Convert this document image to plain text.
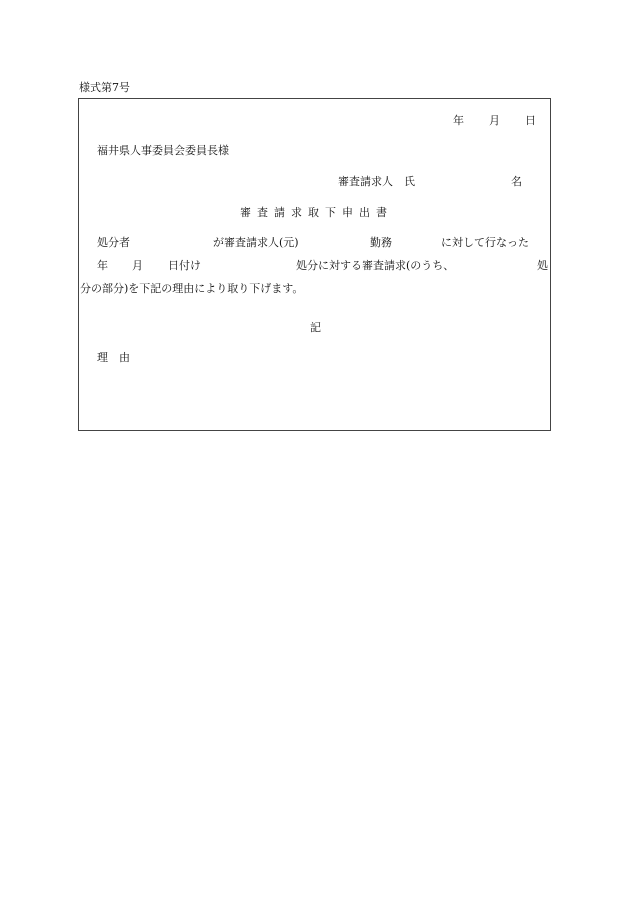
様式第7号
年 月 日
福井県人事委員会委員長様
審査請求人　氏	名
審査請求取下申出書
処分者	が審査請求人(元)	勤務	に対して行なった
年 月 日付け	処分に対する審査請求(のうち、	処
分の部分)を下記の理由により取り下げます。
記
理　由
